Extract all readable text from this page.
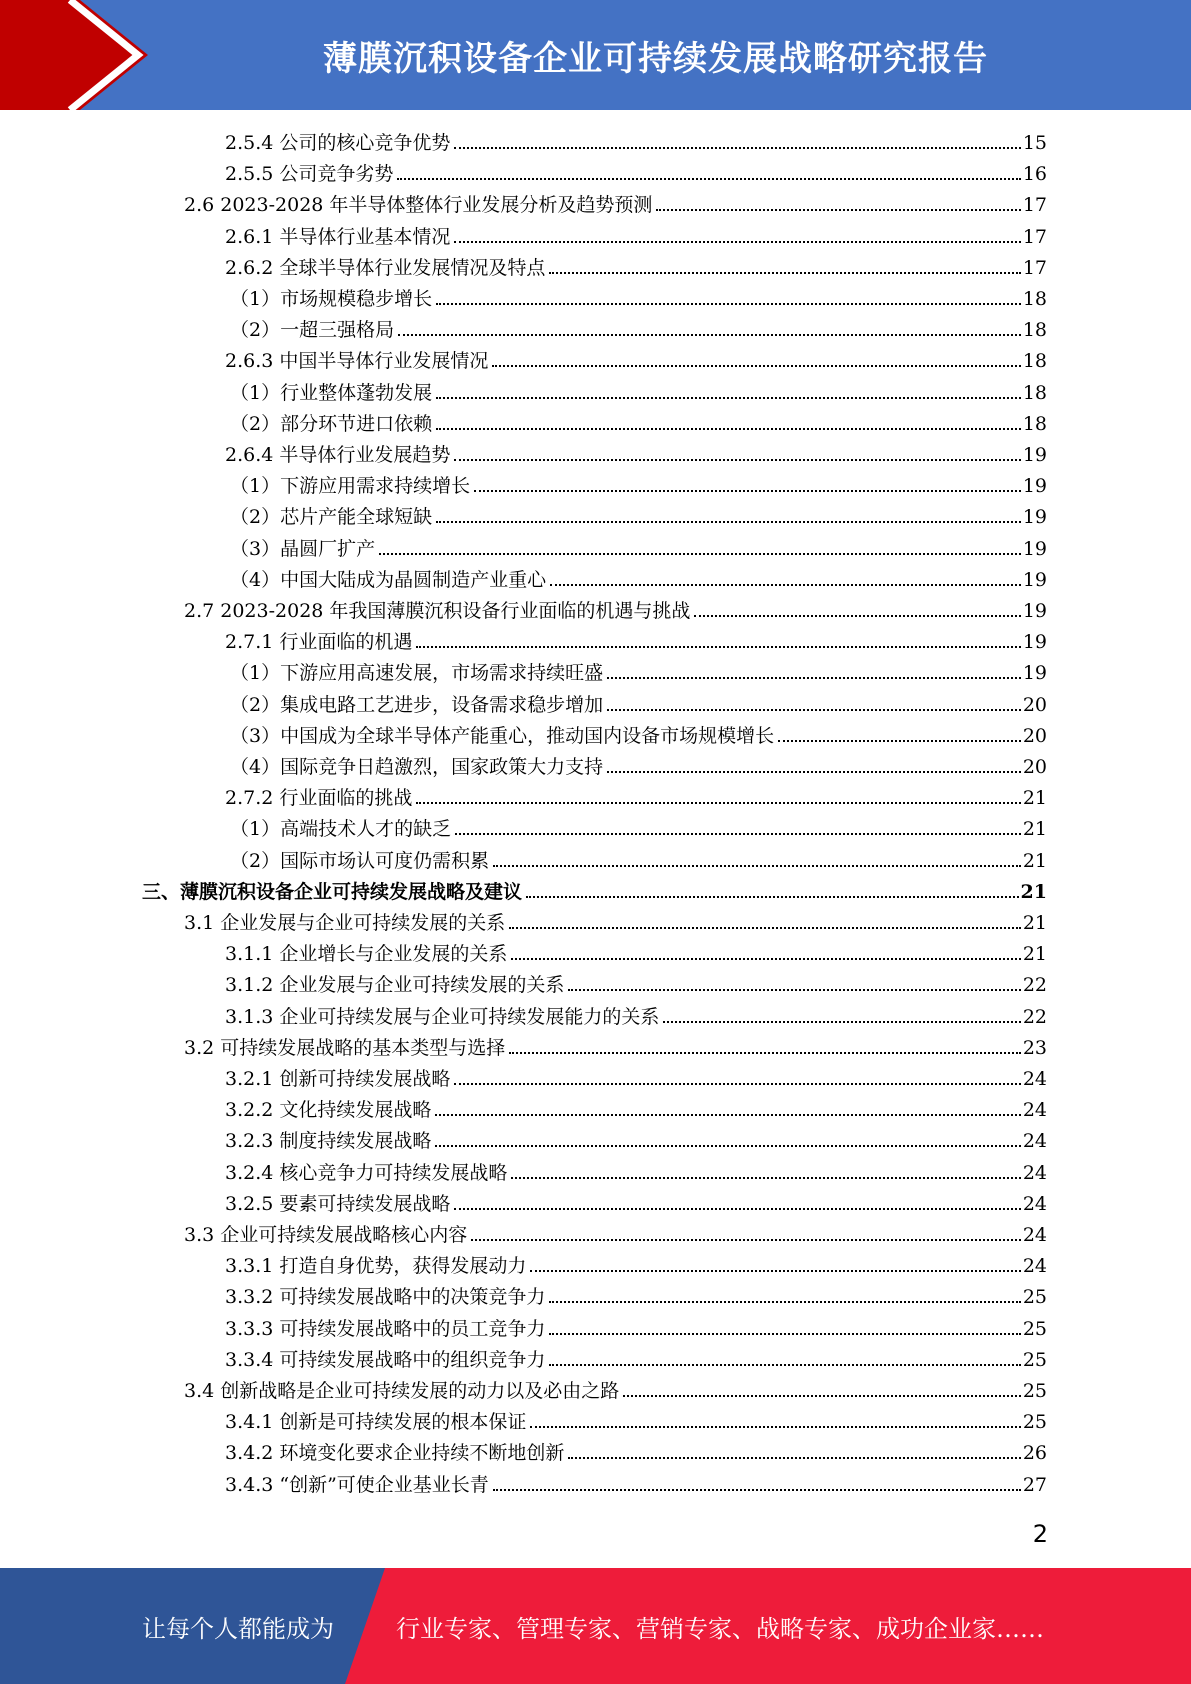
薄膜沉积设备企业可持续发展战略研究报告
2.5.4 公司的核心竞争优势	15
2.5.5 公司竞争劣势	16
2.6 2023-2028 年半导体整体行业发展分析及趋势预测	17
2.6.1 半导体行业基本情况	17
2.6.2 全球半导体行业发展情况及特点	17
（1）市场规模稳步增长	18
（2）一超三强格局	18
2.6.3 中国半导体行业发展情况	18
（1）行业整体蓬勃发展	18
（2）部分环节进口依赖	18
2.6.4 半导体行业发展趋势	19
（1）下游应用需求持续增长	19
（2）芯片产能全球短缺	19
（3）晶圆厂扩产	19
（4）中国大陆成为晶圆制造产业重心	19
2.7 2023-2028 年我国薄膜沉积设备行业面临的机遇与挑战	19
2.7.1 行业面临的机遇	19
（1）下游应用高速发展，市场需求持续旺盛	19
（2）集成电路工艺进步，设备需求稳步增加	20
（3）中国成为全球半导体产能重心，推动国内设备市场规模增长	20
（4）国际竞争日趋激烈，国家政策大力支持	20
2.7.2 行业面临的挑战	21
（1）高端技术人才的缺乏	21
（2）国际市场认可度仍需积累	21
三、薄膜沉积设备企业可持续发展战略及建议	21
3.1 企业发展与企业可持续发展的关系	21
3.1.1 企业增长与企业发展的关系	21
3.1.2 企业发展与企业可持续发展的关系	22
3.1.3 企业可持续发展与企业可持续发展能力的关系	22
3.2 可持续发展战略的基本类型与选择	23
3.2.1 创新可持续发展战略	24
3.2.2 文化持续发展战略	24
3.2.3 制度持续发展战略	24
3.2.4 核心竞争力可持续发展战略	24
3.2.5 要素可持续发展战略	24
3.3 企业可持续发展战略核心内容	24
3.3.1 打造自身优势，获得发展动力	24
3.3.2 可持续发展战略中的决策竞争力	25
3.3.3 可持续发展战略中的员工竞争力	25
3.3.4 可持续发展战略中的组织竞争力	25
3.4 创新战略是企业可持续发展的动力以及必由之路	25
3.4.1 创新是可持续发展的根本保证	25
3.4.2 环境变化要求企业持续不断地创新	26
3.4.3 “创新”可使企业基业长青	27
2
让每个人都能成为	行业专家、管理专家、营销专家、战略专家、成功企业家……
